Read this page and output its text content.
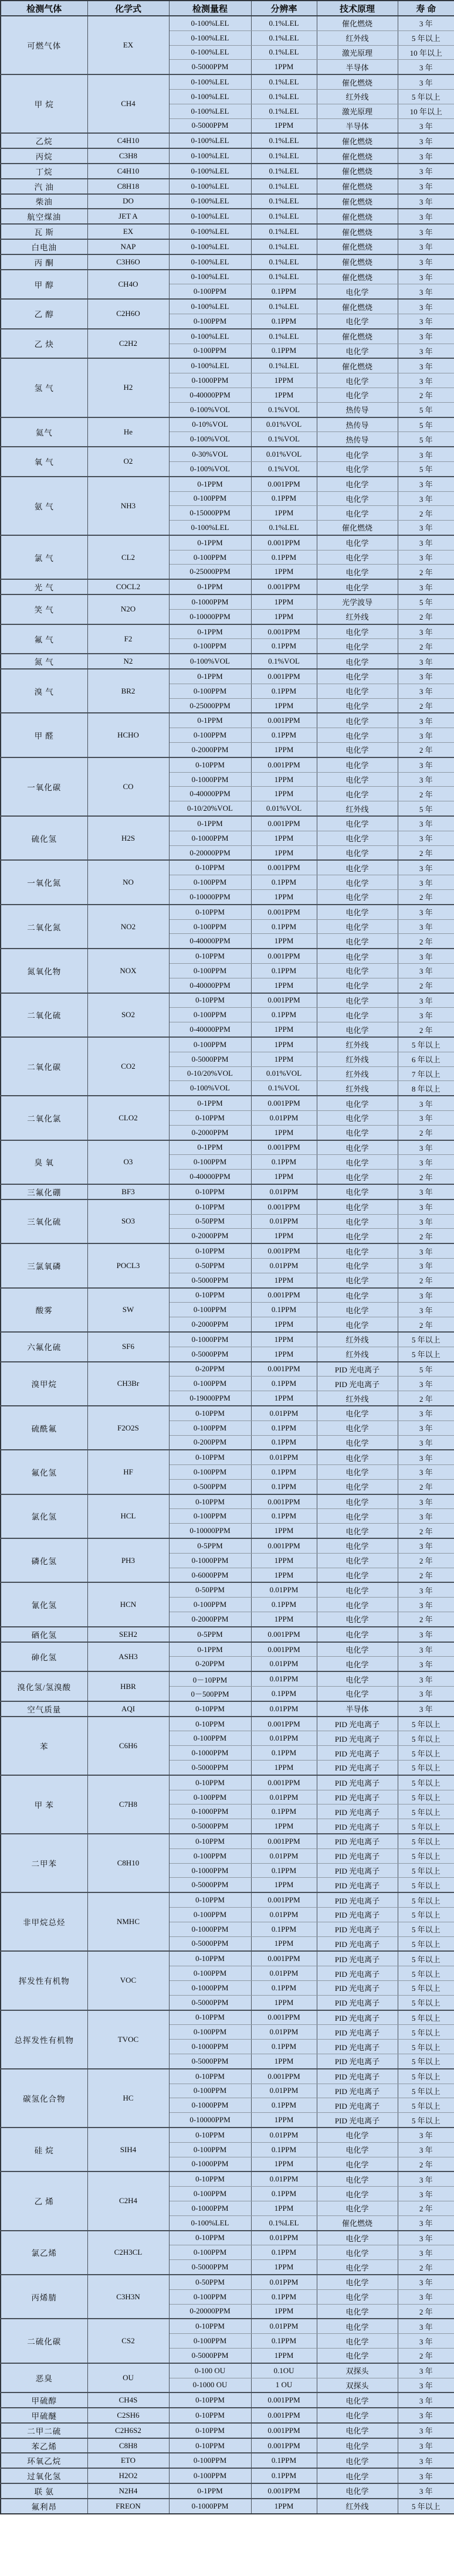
检测气体	化学式	检测量程	分辨率	技术原理	寿 命
可燃气体	EX	0-100%LEL	0.1%LEL	催化燃烧	3 年
		0-100%LEL	0.1%LEL	红外线	5 年以上
		0-100%LEL	0.1%LEL	激光原理	10 年以上
		0-5000PPM	1PPM	半导体	3 年
甲 烷	CH4	0-100%LEL	0.1%LEL	催化燃烧	3 年
		0-100%LEL	0.1%LEL	红外线	5 年以上
		0-100%LEL	0.1%LEL	激光原理	10 年以上
		0-5000PPM	1PPM	半导体	3 年
乙烷	C4H10	0-100%LEL	0.1%LEL	催化燃烧	3 年
丙烷	C3H8	0-100%LEL	0.1%LEL	催化燃烧	3 年
丁烷	C4H10	0-100%LEL	0.1%LEL	催化燃烧	3 年
汽 油	C8H18	0-100%LEL	0.1%LEL	催化燃烧	3 年
柴油	DO	0-100%LEL	0.1%LEL	催化燃烧	3 年
航空煤油	JET A	0-100%LEL	0.1%LEL	催化燃烧	3 年
瓦 斯	EX	0-100%LEL	0.1%LEL	催化燃烧	3 年
白电油	NAP	0-100%LEL	0.1%LEL	催化燃烧	3 年
丙 酮	C3H6O	0-100%LEL	0.1%LEL	催化燃烧	3 年
甲 醇	CH4O	0-100%LEL	0.1%LEL	催化燃烧	3 年
		0-100PPM	0.1PPM	电化学	3 年
乙 醇	C2H6O	0-100%LEL	0.1%LEL	催化燃烧	3 年
		0-100PPM	0.1PPM	电化学	3 年
乙 炔	C2H2	0-100%LEL	0.1%LEL	催化燃烧	3 年
		0-100PPM	0.1PPM	电化学	3 年
氢 气	H2	0-100%LEL	0.1%LEL	催化燃烧	3 年
		0-1000PPM	1PPM	电化学	3 年
		0-40000PPM	1PPM	电化学	2 年
		0-100%VOL	0.1%VOL	热传导	5 年
氦气	He	0-10%VOL	0.01%VOL	热传导	5 年
		0-100%VOL	0.1%VOL	热传导	5 年
氧 气	O2	0-30%VOL	0.01%VOL	电化学	3 年
		0-100%VOL	0.1%VOL	电化学	5 年
氨 气	NH3	0-1PPM	0.001PPM	电化学	3 年
		0-100PPM	0.1PPM	电化学	3 年
		0-15000PPM	1PPM	电化学	2 年
		0-100%LEL	0.1%LEL	催化燃烧	3 年
氯 气	CL2	0-1PPM	0.001PPM	电化学	3 年
		0-100PPM	0.1PPM	电化学	3 年
		0-25000PPM	1PPM	电化学	2 年
光 气	COCL2	0-1PPM	0.001PPM	电化学	3 年
笑 气	N2O	0-1000PPM	1PPM	光学波导	5 年
		0-10000PPM	1PPM	红外线	2 年
氟 气	F2	0-1PPM	0.001PPM	电化学	3 年
		0-100PPM	0.1PPM	电化学	2 年
氮 气	N2	0-100%VOL	0.1%VOL	电化学	3 年
溴 气	BR2	0-1PPM	0.001PPM	电化学	3 年
		0-100PPM	0.1PPM	电化学	3 年
		0-25000PPM	1PPM	电化学	2 年
甲 醛	HCHO	0-1PPM	0.001PPM	电化学	3 年
		0-100PPM	0.1PPM	电化学	3 年
		0-2000PPM	1PPM	电化学	2 年
一氧化碳	CO	0-10PPM	0.001PPM	电化学	3 年
		0-1000PPM	1PPM	电化学	3 年
		0-40000PPM	1PPM	电化学	2 年
		0-10/20%VOL	0.01%VOL	红外线	5 年
硫化氢	H2S	0-1PPM	0.001PPM	电化学	3 年
		0-1000PPM	1PPM	电化学	3 年
		0-20000PPM	1PPM	电化学	2 年
一氧化氮	NO	0-10PPM	0.001PPM	电化学	3 年
		0-100PPM	0.1PPM	电化学	3 年
		0-10000PPM	1PPM	电化学	2 年
二氧化氮	NO2	0-10PPM	0.001PPM	电化学	3 年
		0-100PPM	0.1PPM	电化学	3 年
		0-40000PPM	1PPM	电化学	2 年
氮氧化物	NOX	0-10PPM	0.001PPM	电化学	3 年
		0-100PPM	0.1PPM	电化学	3 年
		0-40000PPM	1PPM	电化学	2 年
二氧化硫	SO2	0-10PPM	0.001PPM	电化学	3 年
		0-100PPM	0.1PPM	电化学	3 年
		0-40000PPM	1PPM	电化学	2 年
二氧化碳	CO2	0-100PPM	1PPM	红外线	5 年以上
		0-5000PPM	1PPM	红外线	6 年以上
		0-10/20%VOL	0.01%VOL	红外线	7 年以上
		0-100%VOL	0.1%VOL	红外线	8 年以上
二氧化氯	CLO2	0-1PPM	0.001PPM	电化学	3 年
		0-10PPM	0.01PPM	电化学	3 年
		0-2000PPM	1PPM	电化学	2 年
臭 氧	O3	0-1PPM	0.001PPM	电化学	3 年
		0-100PPM	0.1PPM	电化学	3 年
		0-40000PPM	1PPM	电化学	2 年
三氟化硼	BF3	0-10PPM	0.01PPM	电化学	3 年
三氧化硫	SO3	0-10PPM	0.001PPM	电化学	3 年
		0-50PPM	0.01PPM	电化学	3 年
		0-2000PPM	1PPM	电化学	2 年
三氯氧磷	POCL3	0-10PPM	0.001PPM	电化学	3 年
		0-50PPM	0.01PPM	电化学	3 年
		0-5000PPM	1PPM	电化学	2 年
酸雾	SW	0-10PPM	0.001PPM	电化学	3 年
		0-100PPM	0.1PPM	电化学	3 年
		0-2000PPM	1PPM	电化学	2 年
六氟化硫	SF6	0-1000PPM	1PPM	红外线	5 年以上
		0-5000PPM	1PPM	红外线	5 年以上
溴甲烷	CH3Br	0-20PPM	0.001PPM	PID 光电离子	5 年
		0-100PPM	0.1PPM	PID 光电离子	3 年
		0-19000PPM	1PPM	红外线	2 年
硫酰氟	F2O2S	0-10PPM	0.01PPM	电化学	3 年
		0-100PPM	0.1PPM	电化学	3 年
		0-200PPM	0.1PPM	电化学	3 年
氟化氢	HF	0-10PPM	0.01PPM	电化学	3 年
		0-100PPM	0.1PPM	电化学	3 年
		0-500PPM	0.1PPM	电化学	2 年
氯化氢	HCL	0-10PPM	0.001PPM	电化学	3 年
		0-100PPM	0.1PPM	电化学	3 年
		0-10000PPM	1PPM	电化学	2 年
磷化氢	PH3	0-5PPM	0.001PPM	电化学	3 年
		0-1000PPM	1PPM	电化学	2 年
		0-6000PPM	1PPM	电化学	2 年
氰化氢	HCN	0-50PPM	0.01PPM	电化学	3 年
		0-100PPM	0.1PPM	电化学	3 年
		0-2000PPM	1PPM	电化学	2 年
硒化氢	SEH2	0-5PPM	0.001PPM	电化学	3 年
砷化氢	ASH3	0-1PPM	0.001PPM	电化学	3 年
		0-20PPM	0.01PPM	电化学	3 年
溴化氢/氢溴酸	HBR	0－10PPM	0.01PPM	电化学	3 年
		0－500PPM	0.1PPM	电化学	3 年
空气质量	AQI	0-10PPM	0.01PPM	半导体	3 年
苯	C6H6	0-10PPM	0.001PPM	PID 光电离子	5 年以上
		0-100PPM	0.01PPM	PID 光电离子	5 年以上
		0-1000PPM	0.1PPM	PID 光电离子	5 年以上
		0-5000PPM	1PPM	PID 光电离子	5 年以上
甲 苯	C7H8	0-10PPM	0.001PPM	PID 光电离子	5 年以上
		0-100PPM	0.01PPM	PID 光电离子	5 年以上
		0-1000PPM	0.1PPM	PID 光电离子	5 年以上
		0-5000PPM	1PPM	PID 光电离子	5 年以上
二甲苯	C8H10	0-10PPM	0.001PPM	PID 光电离子	5 年以上
		0-100PPM	0.01PPM	PID 光电离子	5 年以上
		0-1000PPM	0.1PPM	PID 光电离子	5 年以上
		0-5000PPM	1PPM	PID 光电离子	5 年以上
非甲烷总烃	NMHC	0-10PPM	0.001PPM	PID 光电离子	5 年以上
		0-100PPM	0.01PPM	PID 光电离子	5 年以上
		0-1000PPM	0.1PPM	PID 光电离子	5 年以上
		0-5000PPM	1PPM	PID 光电离子	5 年以上
挥发性有机物	VOC	0-10PPM	0.001PPM	PID 光电离子	5 年以上
		0-100PPM	0.01PPM	PID 光电离子	5 年以上
		0-1000PPM	0.1PPM	PID 光电离子	5 年以上
		0-5000PPM	1PPM	PID 光电离子	5 年以上
总挥发性有机物	TVOC	0-10PPM	0.001PPM	PID 光电离子	5 年以上
		0-100PPM	0.01PPM	PID 光电离子	5 年以上
		0-1000PPM	0.1PPM	PID 光电离子	5 年以上
		0-5000PPM	1PPM	PID 光电离子	5 年以上
碳氢化合物	HC	0-10PPM	0.001PPM	PID 光电离子	5 年以上
		0-100PPM	0.01PPM	PID 光电离子	5 年以上
		0-1000PPM	0.1PPM	PID 光电离子	5 年以上
		0-10000PPM	1PPM	PID 光电离子	5 年以上
硅 烷	SIH4	0-10PPM	0.01PPM	电化学	3 年
		0-100PPM	0.1PPM	电化学	3 年
		0-1000PPM	1PPM	电化学	2 年
乙 烯	C2H4	0-10PPM	0.01PPM	电化学	3 年
		0-100PPM	0.1PPM	电化学	3 年
		0-1000PPM	1PPM	电化学	2 年
		0-100%LEL	0.1%LEL	催化燃烧	3 年
氯乙烯	C2H3CL	0-10PPM	0.01PPM	电化学	3 年
		0-100PPM	0.1PPM	电化学	3 年
		0-5000PPM	1PPM	电化学	2 年
丙烯腈	C3H3N	0-50PPM	0.01PPM	电化学	3 年
		0-100PPM	0.1PPM	电化学	3 年
		0-20000PPM	1PPM	电化学	2 年
二硫化碳	CS2	0-10PPM	0.01PPM	电化学	3 年
		0-100PPM	0.1PPM	电化学	3 年
		0-5000PPM	1PPM	电化学	2 年
恶臭	OU	0-100 OU	0.1OU	双探头	3 年
		0-1000 OU	1 OU	双探头	3 年
甲硫醇	CH4S	0-10PPM	0.001PPM	电化学	3 年
甲硫醚	C2SH6	0-10PPM	0.001PPM	电化学	3 年
二甲二硫	C2H6S2	0-10PPM	0.001PPM	电化学	3 年
苯乙烯	C8H8	0-10PPM	0.001PPM	电化学	3 年
环氧乙烷	ETO	0-100PPM	0.1PPM	电化学	3 年
过氧化氢	H2O2	0-100PPM	0.1PPM	电化学	3 年
联 氨	N2H4	0-1PPM	0.001PPM	电化学	3 年
氟利昂	FREON	0-1000PPM	1PPM	红外线	5 年以上
